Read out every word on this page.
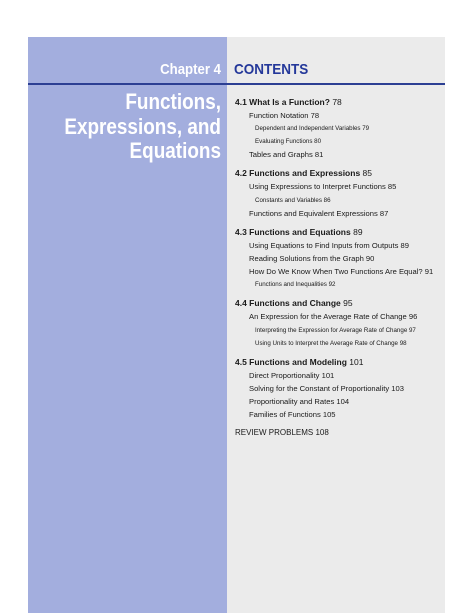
Chapter 4 CONTENTS
Functions,
Expressions, and
Equations
4.1 What Is a Function? 78
Function Notation 78
Dependent and Independent Variables 79
Evaluating Functions 80
Tables and Graphs 81
4.2 Functions and Expressions 85
Using Expressions to Interpret Functions 85
Constants and Variables 86
Functions and Equivalent Expressions 87
4.3 Functions and Equations 89
Using Equations to Find Inputs from Outputs 89
Reading Solutions from the Graph 90
How Do We Know When Two Functions Are Equal? 91
Functions and Inequalities 92
4.4 Functions and Change 95
An Expression for the Average Rate of Change 96
Interpreting the Expression for Average Rate of Change 97
Using Units to Interpret the Average Rate of Change 98
4.5 Functions and Modeling 101
Direct Proportionality 101
Solving for the Constant of Proportionality 103
Proportionality and Rates 104
Families of Functions 105
REVIEW PROBLEMS 108
